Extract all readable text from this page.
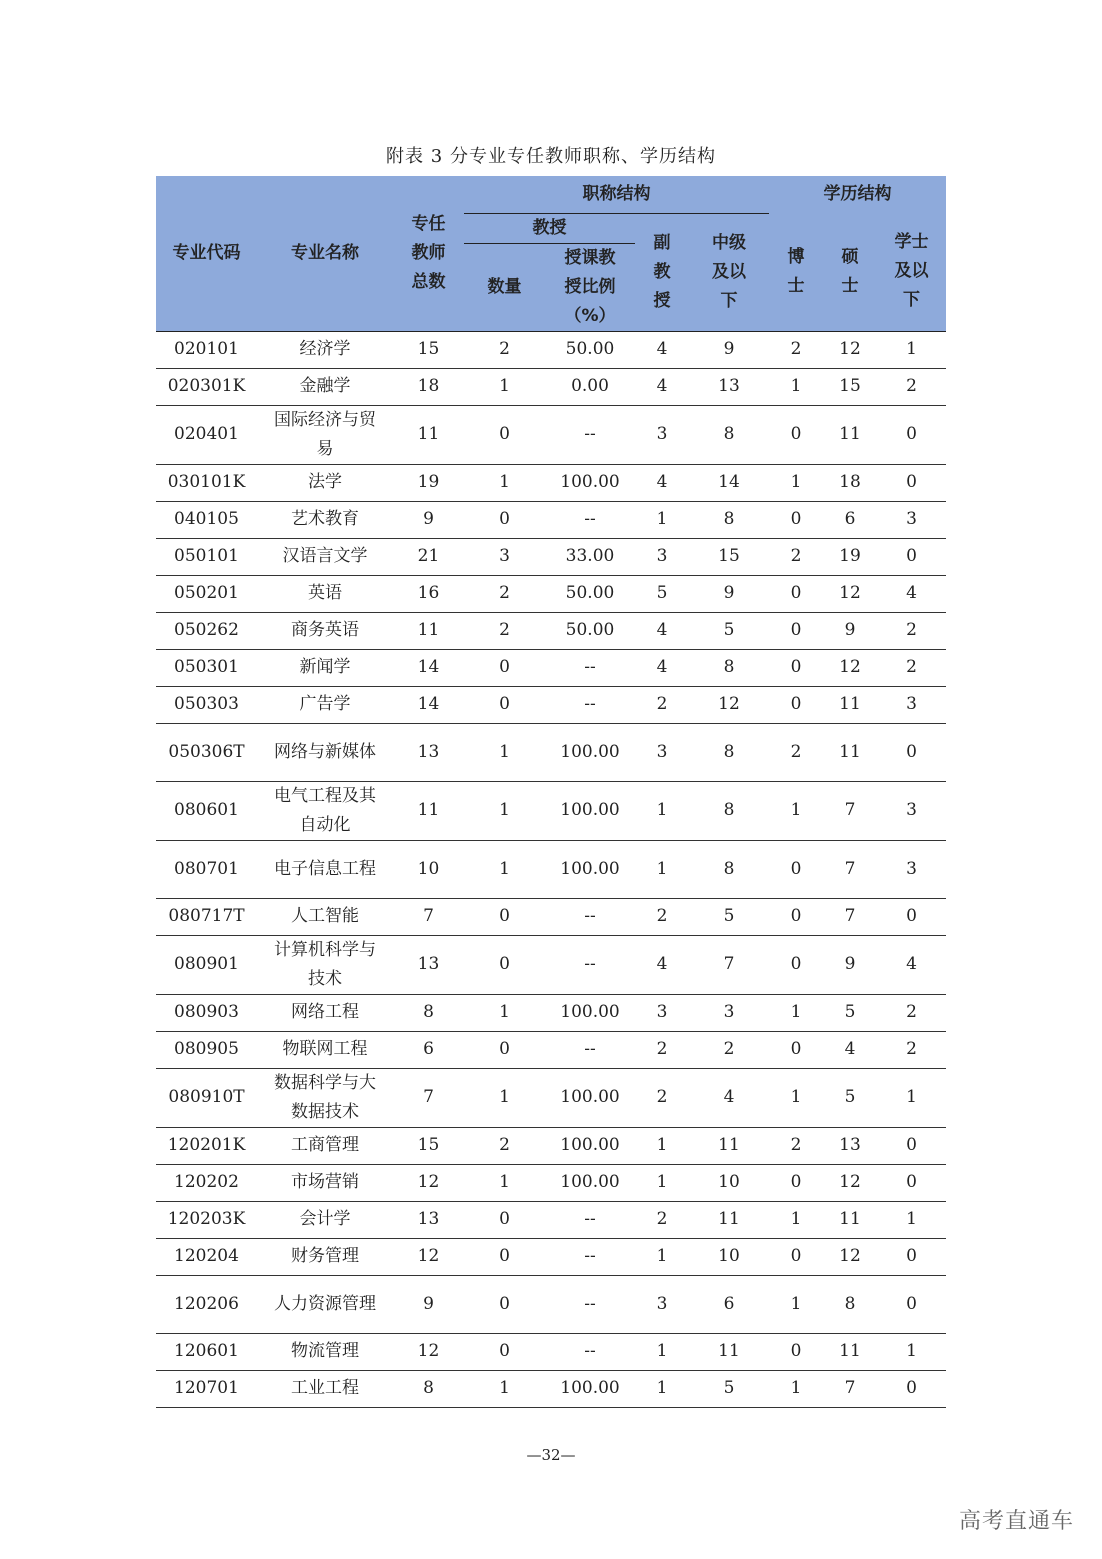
附表 3 分专业专任教师职称、学历结构
专业代码	专业名称	专任教师总数	职称结构				学历结构		
			教授		副教授	中级及以下	博士	硕士	学士及以下

			数量	授课教授比例（%）					

020101	经济学	15	2	50.00	4	9	2	12	1
020301K	金融学	18	1	0.00	4	13	1	15	2
020401	国际经济与贸易	11	0	--	3	8	0	11	0
030101K	法学	19	1	100.00	4	14	1	18	0
040105	艺术教育	9	0	--	1	8	0	6	3
050101	汉语言文学	21	3	33.00	3	15	2	19	0
050201	英语	16	2	50.00	5	9	0	12	4
050262	商务英语	11	2	50.00	4	5	0	9	2
050301	新闻学	14	0	--	4	8	0	12	2
050303	广告学	14	0	--	2	12	0	11	3
050306T	网络与新媒体	13	1	100.00	3	8	2	11	0
080601	电气工程及其自动化	11	1	100.00	1	8	1	7	3
080701	电子信息工程	10	1	100.00	1	8	0	7	3
080717T	人工智能	7	0	--	2	5	0	7	0
080901	计算机科学与技术	13	0	--	4	7	0	9	4
080903	网络工程	8	1	100.00	3	3	1	5	2
080905	物联网工程	6	0	--	2	2	0	4	2
080910T	数据科学与大数据技术	7	1	100.00	2	4	1	5	1
120201K	工商管理	15	2	100.00	1	11	2	13	0
120202	市场营销	12	1	100.00	1	10	0	12	0
120203K	会计学	13	0	--	2	11	1	11	1
120204	财务管理	12	0	--	1	10	0	12	0
120206	人力资源管理	9	0	--	3	6	1	8	0
120601	物流管理	12	0	--	1	11	0	11	1
120701	工业工程	8	1	100.00	1	5	1	7	0
—32—
高考直通车
